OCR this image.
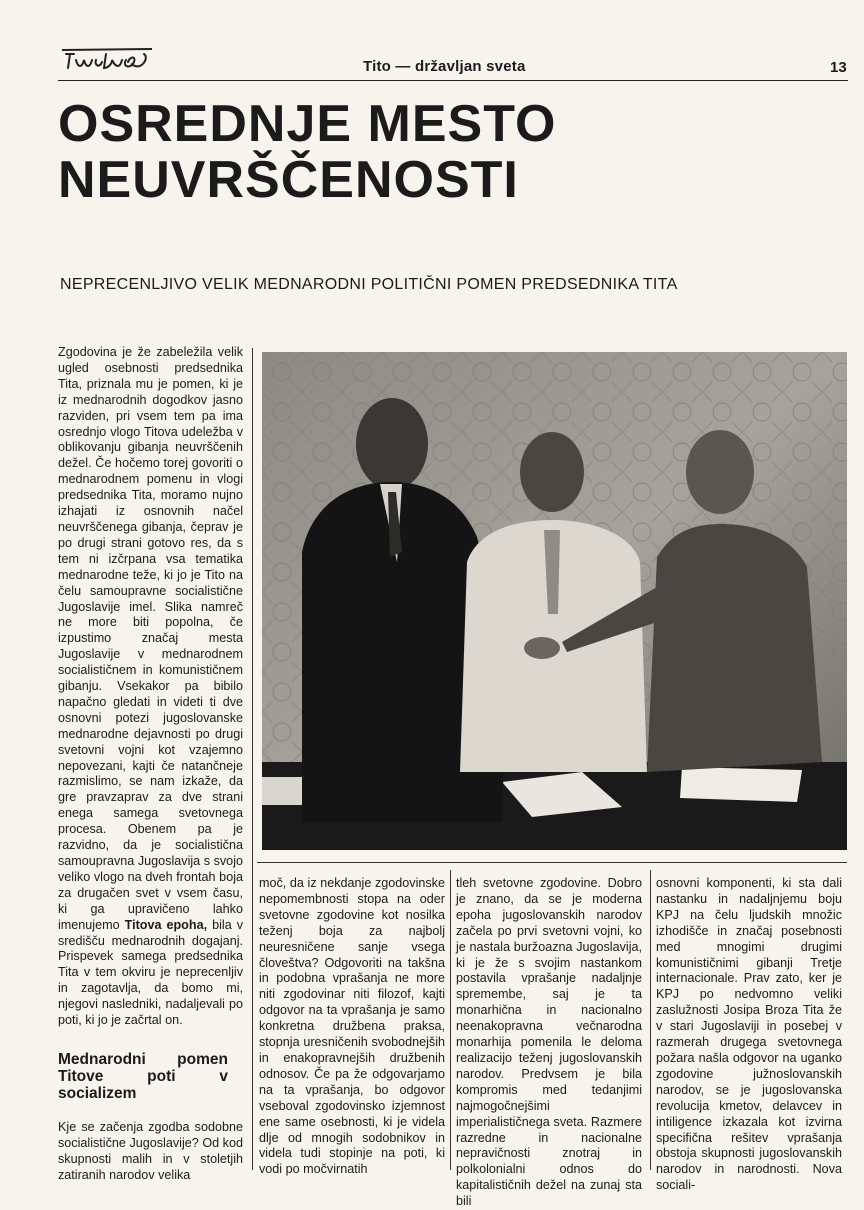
Tito — državljan sveta	13
OSREDNJE MESTO
NEUVRŠČENOSTI
NEPRECENLJIVO VELIK MEDNARODNI POLITIČNI POMEN PREDSEDNIKA TITA

Zgodovina je že zabeležila velik ugled osebnosti predsednika Tita, priznala mu je pomen, ki je iz mednarodnih dogodkov jasno razviden, pri vsem tem pa ima osrednjo vlogo Titova udeležba v oblikovanju gibanja neuvrščenih dežel. Če hočemo torej govoriti o mednarodnem pomenu in vlogi predsednika Tita, moramo nujno izhajati iz osnovnih načel neuvrščenega gibanja, čeprav je po drugi strani gotovo res, da s tem ni izčrpana vsa tematika mednarodne teže, ki jo je Tito na čelu samoupravne socialistične Jugoslavije imel. Slika namreč ne more biti popolna, če izpustimo značaj mesta Jugoslavije v mednarodnem socialističnem in komunističnem gibanju. Vsekakor pa bibilo napačno gledati in videti ti dve osnovni potezi jugoslovanske mednarodne dejavnosti po drugi svetovni vojni kot vzajemno nepovezani, kajti če natančneje razmislimo, se nam izkaže, da gre pravzaprav za dve strani enega samega svetovnega procesa. Obenem pa je razvidno, da je socialistična samoupravna Jugoslavija s svojo veliko vlogo na dveh frontah boja za drugačen svet v vsem času, ki ga upravičeno lahko imenujemo Titova epoha, bila v središču mednarodnih dogajanj. Prispevek samega predsednika Tita v tem okviru je neprecenljiv in zagotavlja, da bomo mi, njegovi nasledniki, nadaljevali po poti, ki jo je začrtal on.

Mednarodni pomen Titove poti v socializem

Kje se začenja zgodba sodobne socialistične Jugoslavije? Od kod skupnosti malih in v stoletjih zatiranih narodov velika

moč, da iz nekdanje zgodovinske nepomembnosti stopa na oder svetovne zgodovine kot nosilka teženj boja za najbolj neuresničene sanje vsega človeštva? Odgovoriti na takšna in podobna vprašanja ne more niti zgodovinar niti filozof, kajti odgovor na ta vprašanja je samo konkretna družbena praksa, stopnja uresničenih svobodnejših in enakopravnejših družbenih odnosov. Če pa že odgovarjamo na ta vprašanja, bo odgovor vseboval zgodovinsko izjemnost ene same osebnosti, ki je videla dlje od mnogih sodobnikov in videla tudi stopinje na poti, ki vodi po močvirnatih

tleh svetovne zgodovine. Dobro je znano, da se je moderna epoha jugoslovanskih narodov začela po prvi svetovni vojni, ko je nastala buržoazna Jugoslavija, ki je že s svojim nastankom postavila vprašanje nadaljnje spremembe, saj je ta monarhična in nacionalno neenakopravna večnarodna monarhija pomenila le deloma realizacijo teženj jugoslovanskih narodov. Predvsem je bila kompromis med tedanjimi najmogočnejšimi imperialističnega sveta. Razmere razredne in nacionalne nepravičnosti znotraj in polkolonialni odnos do kapitalističnih dežel na zunaj sta bili

osnovni komponenti, ki sta dali nastanku in nadaljnjemu boju KPJ na čelu ljudskih množic izhodišče in značaj posebnosti med mnogimi drugimi komunističnimi gibanji Tretje internacionale. Prav zato, ker je KPJ po nedvomno veliki zaslužnosti Josipa Broza Tita že v stari Jugoslaviji in posebej v razmerah drugega svetovnega požara našla odgovor na uganko zgodovine južnoslovanskih narodov, se je jugoslovanska revolucija kmetov, delavcev in intiligence izkazala kot izvirna specifična rešitev vprašanja obstoja skupnosti jugoslovanskih narodov in narodnosti. Nova sociali-
